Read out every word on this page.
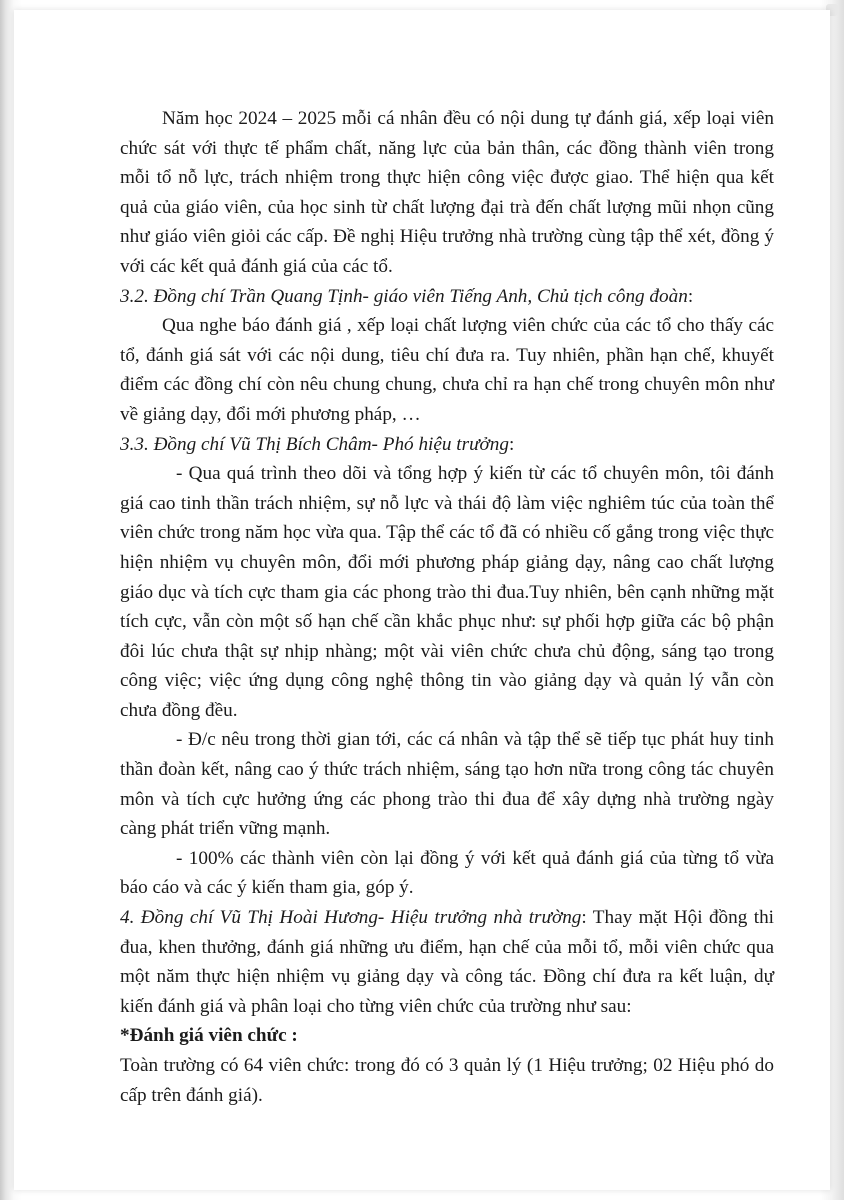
Năm học 2024 – 2025 mỗi cá nhân đều có nội dung tự đánh giá, xếp loại viên chức sát với thực tế phẩm chất, năng lực của bản thân, các đồng thành viên trong mỗi tổ nỗ lực, trách nhiệm trong thực hiện công việc được giao. Thể hiện qua kết quả của giáo viên, của học sinh từ chất lượng đại trà đến chất lượng mũi nhọn cũng như giáo viên giỏi các cấp. Đề nghị Hiệu trưởng nhà trường cùng tập thể xét, đồng ý với các kết quả đánh giá của các tổ.

3.2. Đồng chí Trần Quang Tịnh- giáo viên Tiếng Anh, Chủ tịch công đoàn:

Qua nghe báo đánh giá , xếp loại chất lượng viên chức của các tổ cho thấy các tổ, đánh giá sát với các nội dung, tiêu chí đưa ra. Tuy nhiên, phần hạn chế, khuyết điểm các đồng chí còn nêu chung chung, chưa chỉ ra hạn chế trong chuyên môn như về giảng dạy, đổi mới phương pháp, …

3.3. Đồng chí Vũ Thị Bích Châm- Phó hiệu trưởng:

- Qua quá trình theo dõi và tổng hợp ý kiến từ các tổ chuyên môn, tôi đánh giá cao tinh thần trách nhiệm, sự nỗ lực và thái độ làm việc nghiêm túc của toàn thể viên chức trong năm học vừa qua. Tập thể các tổ đã có nhiều cố gắng trong việc thực hiện nhiệm vụ chuyên môn, đổi mới phương pháp giảng dạy, nâng cao chất lượng giáo dục và tích cực tham gia các phong trào thi đua.Tuy nhiên, bên cạnh những mặt tích cực, vẫn còn một số hạn chế cần khắc phục như: sự phối hợp giữa các bộ phận đôi lúc chưa thật sự nhịp nhàng; một vài viên chức chưa chủ động, sáng tạo trong công việc; việc ứng dụng công nghệ thông tin vào giảng dạy và quản lý vẫn còn chưa đồng đều.

- Đ/c nêu trong thời gian tới, các cá nhân và tập thể sẽ tiếp tục phát huy tinh thần đoàn kết, nâng cao ý thức trách nhiệm, sáng tạo hơn nữa trong công tác chuyên môn và tích cực hưởng ứng các phong trào thi đua để xây dựng nhà trường ngày càng phát triển vững mạnh.

- 100% các thành viên còn lại đồng ý với kết quả đánh giá của từng tổ vừa báo cáo và các ý kiến tham gia, góp ý.

4. Đồng chí Vũ Thị Hoài Hương- Hiệu trưởng nhà trường: Thay mặt Hội đồng thi đua, khen thưởng, đánh giá những ưu điểm, hạn chế của mỗi tổ, mỗi viên chức qua một năm thực hiện nhiệm vụ giảng dạy và công tác. Đồng chí đưa ra kết luận, dự kiến đánh giá và phân loại cho từng viên chức của trường như sau:

*Đánh giá viên chức :

Toàn trường có 64 viên chức: trong đó có 3 quản lý (1 Hiệu trưởng; 02 Hiệu phó do cấp trên đánh giá).
